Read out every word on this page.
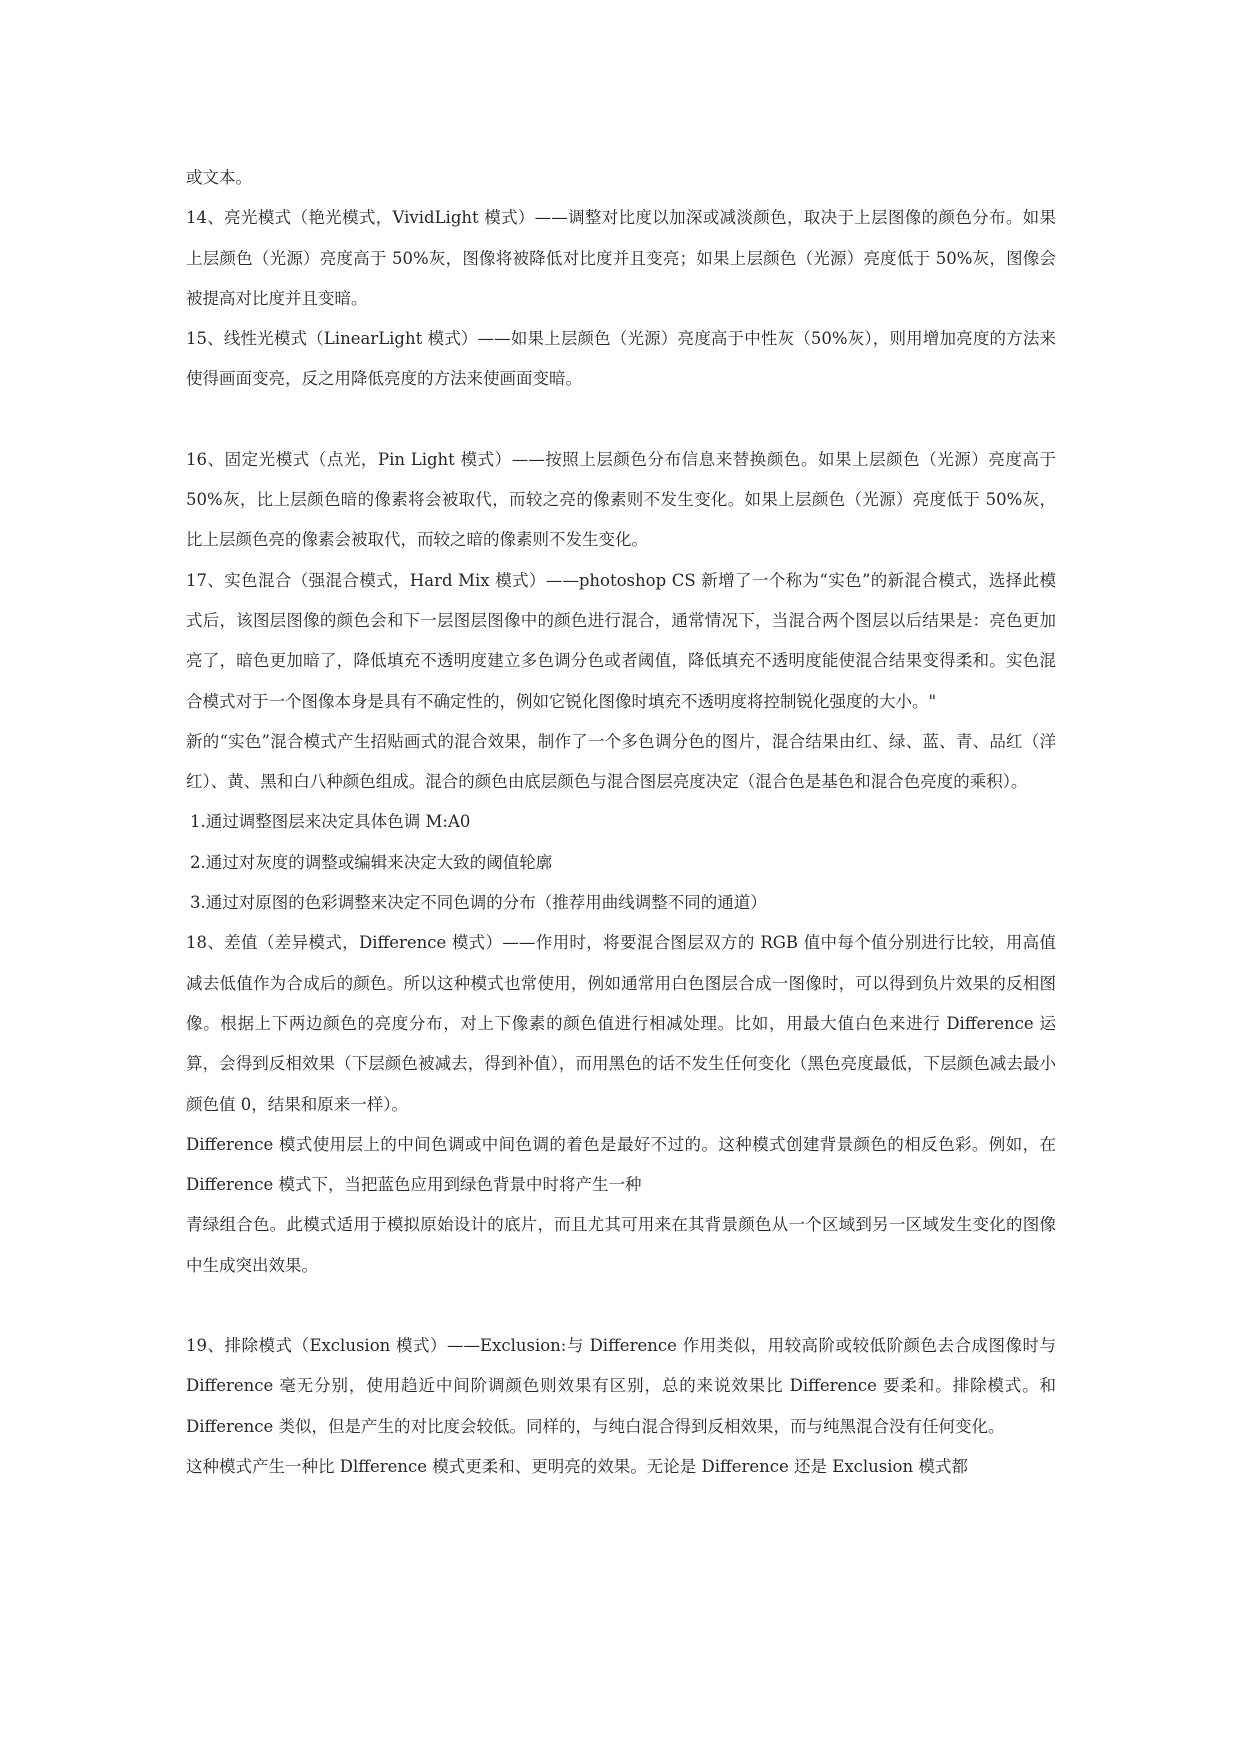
或文本。

14、亮光模式（艳光模式，VividLight 模式）——调整对比度以加深或减淡颜色，取决于上层图像的颜色分布。如果上层颜色（光源）亮度高于 50%灰，图像将被降低对比度并且变亮；如果上层颜色（光源）亮度低于 50%灰，图像会被提高对比度并且变暗。

15、线性光模式（LinearLight 模式）——如果上层颜色（光源）亮度高于中性灰（50%灰），则用增加亮度的方法来使得画面变亮，反之用降低亮度的方法来使画面变暗。

16、固定光模式（点光，Pin Light 模式）——按照上层颜色分布信息来替换颜色。如果上层颜色（光源）亮度高于 50%灰，比上层颜色暗的像素将会被取代，而较之亮的像素则不发生变化。如果上层颜色（光源）亮度低于 50%灰，比上层颜色亮的像素会被取代，而较之暗的像素则不发生变化。

17、实色混合（强混合模式，Hard Mix 模式）——photoshop CS 新增了一个称为“实色”的新混合模式，选择此模式后，该图层图像的颜色会和下一层图层图像中的颜色进行混合，通常情况下，当混合两个图层以后结果是：亮色更加亮了，暗色更加暗了，降低填充不透明度建立多色调分色或者阈值，降低填充不透明度能使混合结果变得柔和。实色混合模式对于一个图像本身是具有不确定性的，例如它锐化图像时填充不透明度将控制锐化强度的大小。"

新的“实色”混合模式产生招贴画式的混合效果，制作了一个多色调分色的图片，混合结果由红、绿、蓝、青、品红（洋红）、黄、黑和白八种颜色组成。混合的颜色由底层颜色与混合图层亮度决定（混合色是基色和混合色亮度的乘积）。

1.通过调整图层来决定具体色调 M:A0

2.通过对灰度的调整或编辑来决定大致的阈值轮廓

3.通过对原图的色彩调整来决定不同色调的分布（推荐用曲线调整不同的通道）

18、差值（差异模式，Difference 模式）——作用时，将要混合图层双方的 RGB 值中每个值分别进行比较，用高值减去低值作为合成后的颜色。所以这种模式也常使用，例如通常用白色图层合成一图像时，可以得到负片效果的反相图像。根据上下两边颜色的亮度分布，对上下像素的颜色值进行相减处理。比如，用最大值白色来进行 Difference 运算，会得到反相效果（下层颜色被减去，得到补值），而用黑色的话不发生任何变化（黑色亮度最低，下层颜色减去最小颜色值 0，结果和原来一样）。

Difference 模式使用层上的中间色调或中间色调的着色是最好不过的。这种模式创建背景颜色的相反色彩。例如，在 Difference 模式下，当把蓝色应用到绿色背景中时将产生一种

青绿组合色。此模式适用于模拟原始设计的底片，而且尤其可用来在其背景颜色从一个区域到另一区域发生变化的图像中生成突出效果。

19、排除模式（Exclusion 模式）——Exclusion:与 Difference 作用类似，用较高阶或较低阶颜色去合成图像时与 Difference 毫无分别，使用趋近中间阶调颜色则效果有区别，总的来说效果比 Difference 要柔和。排除模式。和 Difference 类似，但是产生的对比度会较低。同样的，与纯白混合得到反相效果，而与纯黑混合没有任何变化。

这种模式产生一种比 Dlfference 模式更柔和、更明亮的效果。无论是 Difference 还是 Exclusion 模式都
